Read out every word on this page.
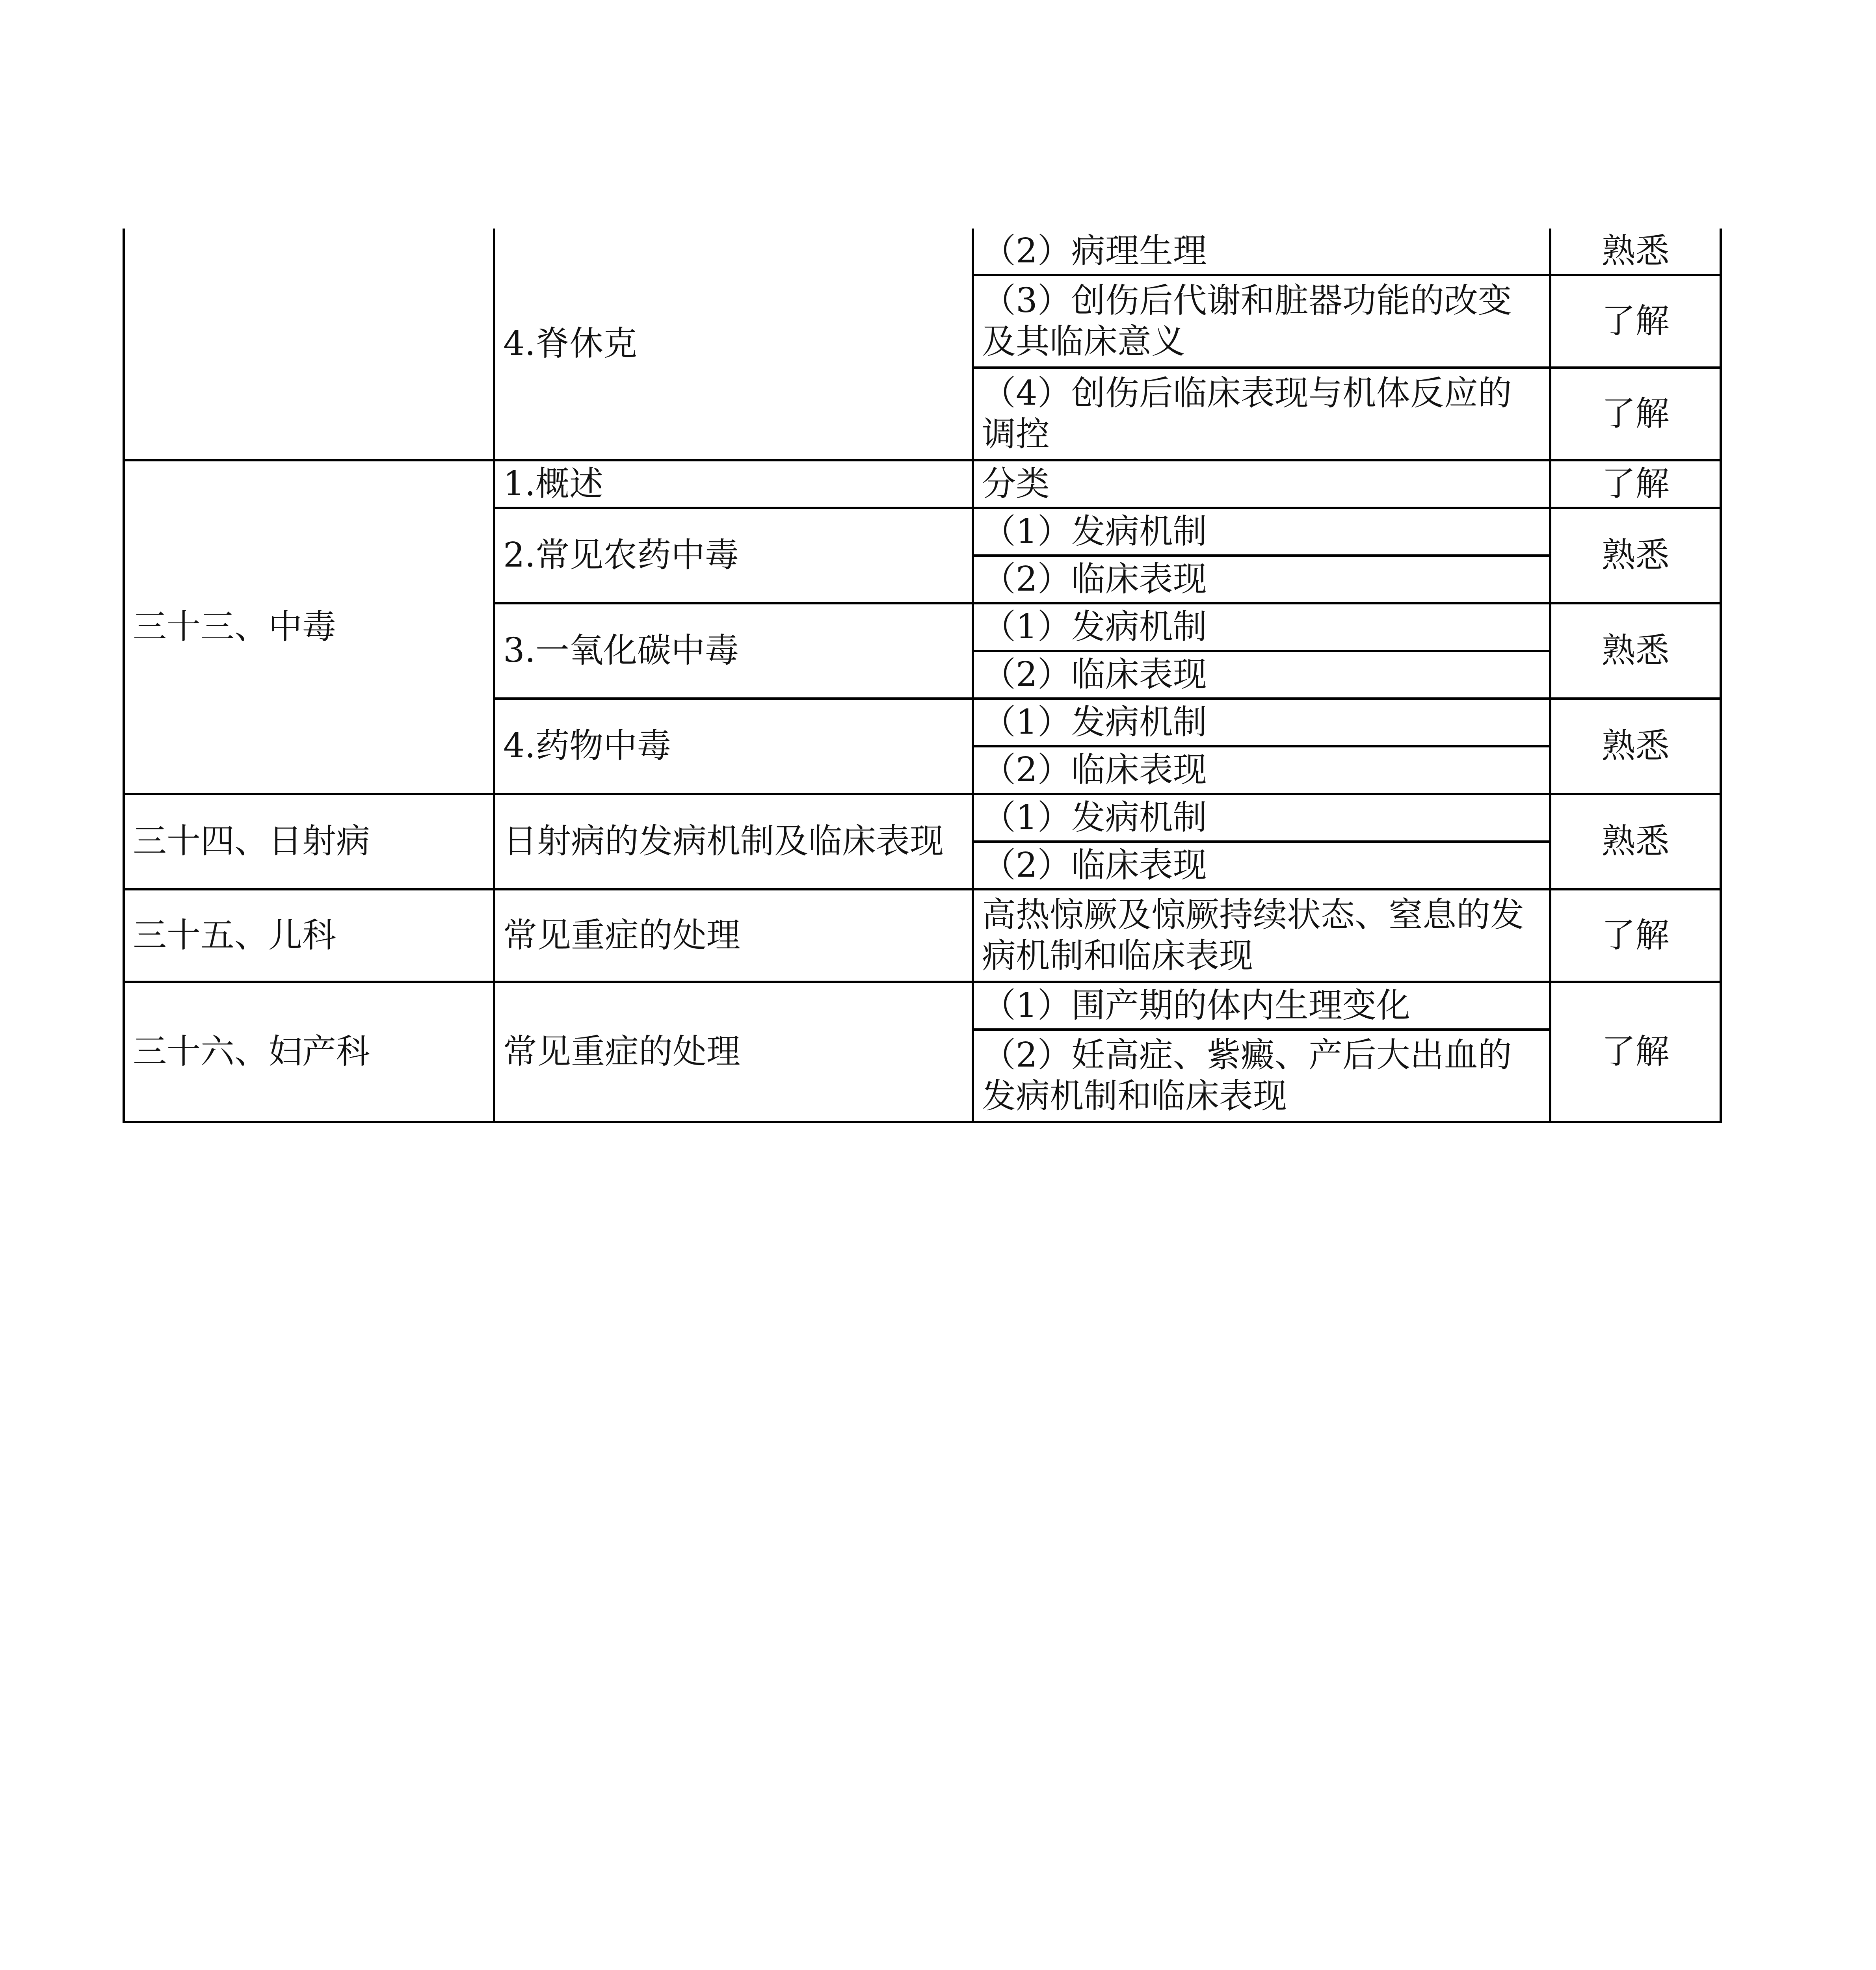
	4.脊休克	（2）病理生理	熟悉
		（3）创伤后代谢和脏器功能的改变及其临床意义	了解
		（4）创伤后临床表现与机体反应的调控	了解
三十三、中毒	1.概述	分类	了解
	2.常见农药中毒	（1）发病机制	熟悉
		（2）临床表现	
	3.一氧化碳中毒	（1）发病机制	熟悉
		（2）临床表现	
	4.药物中毒	（1）发病机制	熟悉
		（2）临床表现	
三十四、日射病	日射病的发病机制及临床表现	（1）发病机制	熟悉
		（2）临床表现	
三十五、儿科	常见重症的处理	高热惊厥及惊厥持续状态、窒息的发病机制和临床表现	了解
三十六、妇产科	常见重症的处理	（1）围产期的体内生理变化	了解
		（2）妊高症、紫癜、产后大出血的发病机制和临床表现	
